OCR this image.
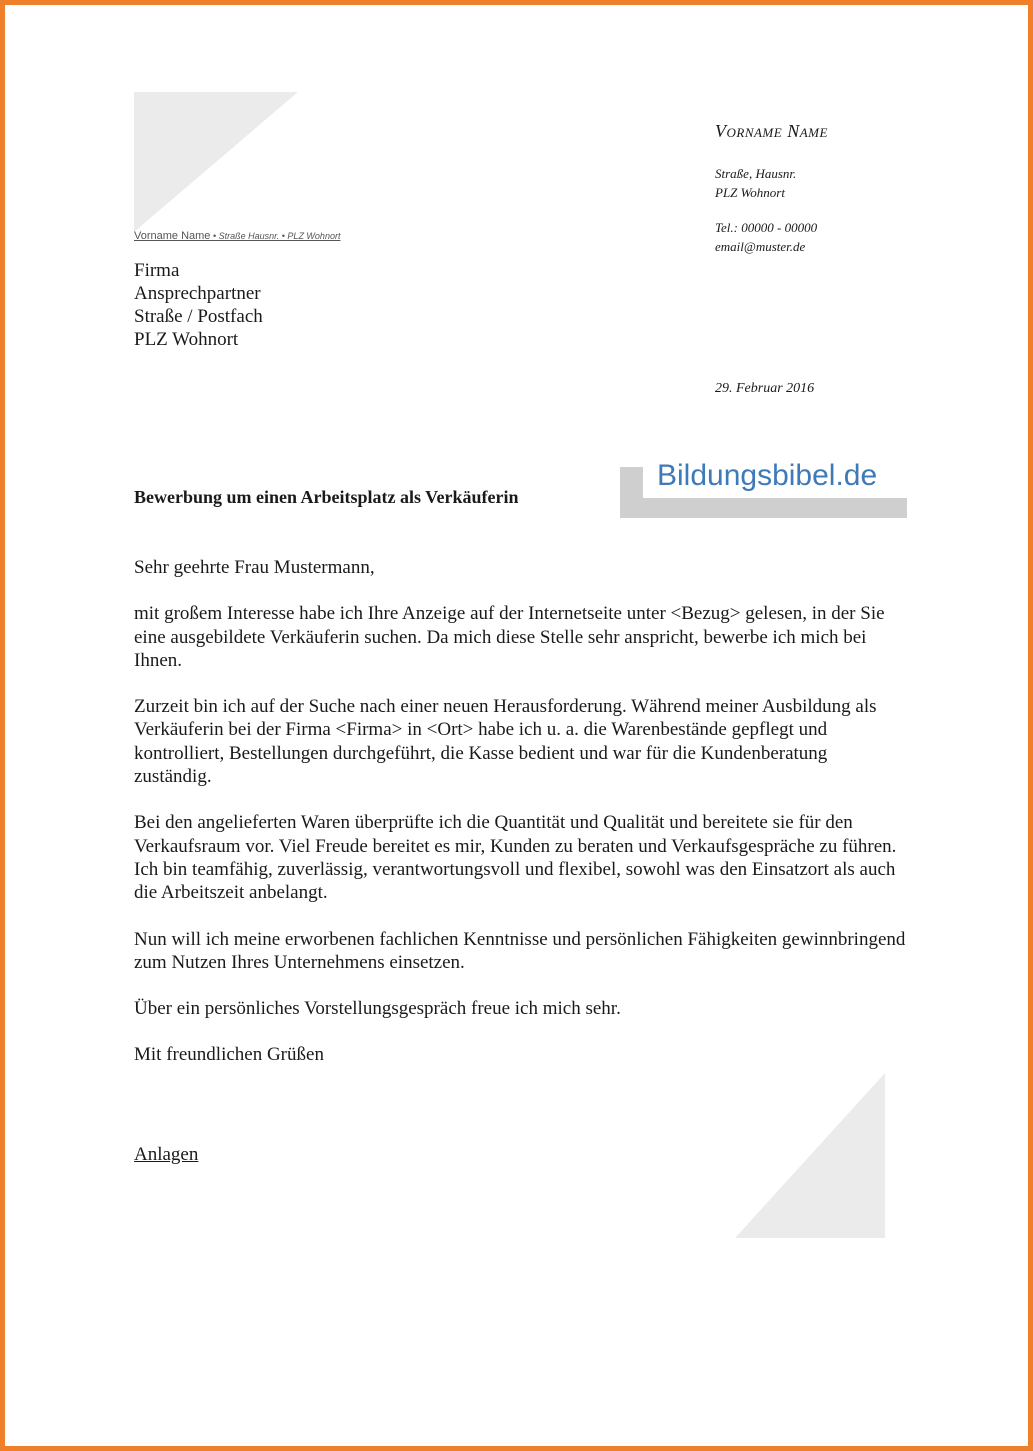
Vorname Name • Straße Hausnr. • PLZ Wohnort
Firma
Ansprechpartner
Straße / Postfach
PLZ Wohnort
Vorname Name
Straße, Hausnr.
PLZ Wohnort
Tel.: 00000 - 00000
email@muster.de
29. Februar 2016
Bildungsbibel.de
Bewerbung um einen Arbeitsplatz als Verkäuferin

Sehr geehrte Frau Mustermann,

mit großem Interesse habe ich Ihre Anzeige auf der Internetseite unter <Bezug> gelesen, in der Sie eine ausgebildete Verkäuferin suchen. Da mich diese Stelle sehr anspricht, bewerbe ich mich bei Ihnen.

Zurzeit bin ich auf der Suche nach einer neuen Herausforderung. Während meiner Ausbildung als Verkäuferin bei der Firma <Firma> in <Ort> habe ich u. a. die Warenbestände gepflegt und kontrolliert, Bestellungen durchgeführt, die Kasse bedient und war für die Kundenberatung zuständig.

Bei den angelieferten Waren überprüfte ich die Quantität und Qualität und bereitete sie für den Verkaufsraum vor. Viel Freude bereitet es mir, Kunden zu beraten und Verkaufsgespräche zu führen. Ich bin teamfähig, zuverlässig, verantwortungsvoll und flexibel, sowohl was den Einsatzort als auch die Arbeitszeit anbelangt.

Nun will ich meine erworbenen fachlichen Kenntnisse und persönlichen Fähigkeiten gewinnbringend zum Nutzen Ihres Unternehmens einsetzen.

Über ein persönliches Vorstellungsgespräch freue ich mich sehr.

Mit freundlichen Grüßen

Anlagen
